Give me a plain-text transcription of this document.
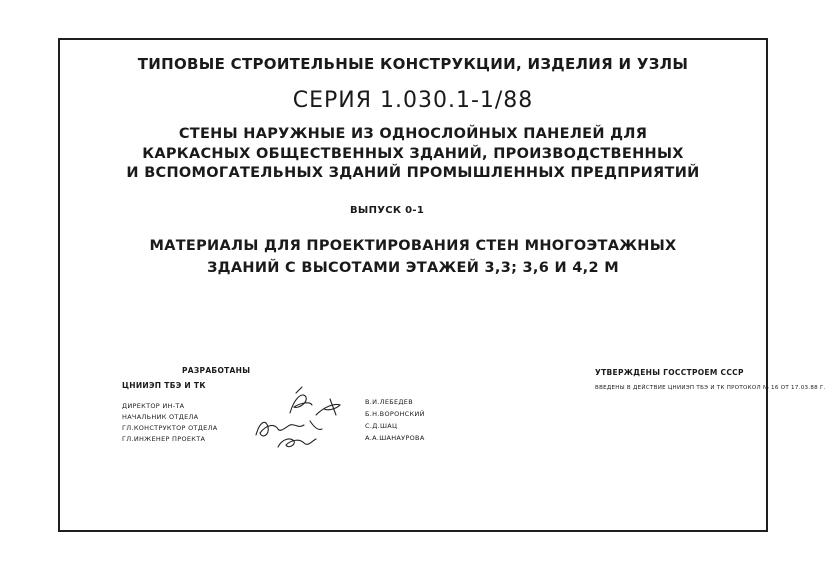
ТИПОВЫЕ СТРОИТЕЛЬНЫЕ КОНСТРУКЦИИ, ИЗДЕЛИЯ И УЗЛЫ
СЕРИЯ 1.030.1-1/88
СТЕНЫ НАРУЖНЫЕ ИЗ ОДНОСЛОЙНЫХ ПАНЕЛЕЙ ДЛЯ
КАРКАСНЫХ ОБЩЕСТВЕННЫХ ЗДАНИЙ, ПРОИЗВОДСТВЕННЫХ
И ВСПОМОГАТЕЛЬНЫХ ЗДАНИЙ ПРОМЫШЛЕННЫХ ПРЕДПРИЯТИЙ
ВЫПУСК 0-1
МАТЕРИАЛЫ ДЛЯ ПРОЕКТИРОВАНИЯ СТЕН МНОГОЭТАЖНЫХ
ЗДАНИЙ С ВЫСОТАМИ ЭТАЖЕЙ 3,3; 3,6 И 4,2 М
РАЗРАБОТАНЫ
ЦНИИЭП ТБЭ И ТК
ДИРЕКТОР ИН-ТА
НАЧАЛЬНИК ОТДЕЛА
ГЛ.КОНСТРУКТОР ОТДЕЛА
ГЛ.ИНЖЕНЕР ПРОЕКТА
В.И.ЛЕБЕДЕВ
Б.Н.ВОРОНСКИЙ
С.Д.ШАЦ
А.А.ШАНАУРОВА
УТВЕРЖДЕНЫ ГОССТРОЕМ СССР
ВВЕДЕНЫ В ДЕЙСТВИЕ ЦНИИЭП ТБЭ И ТК ПРОТОКОЛ № 16 ОТ 17.03.88 Г.
